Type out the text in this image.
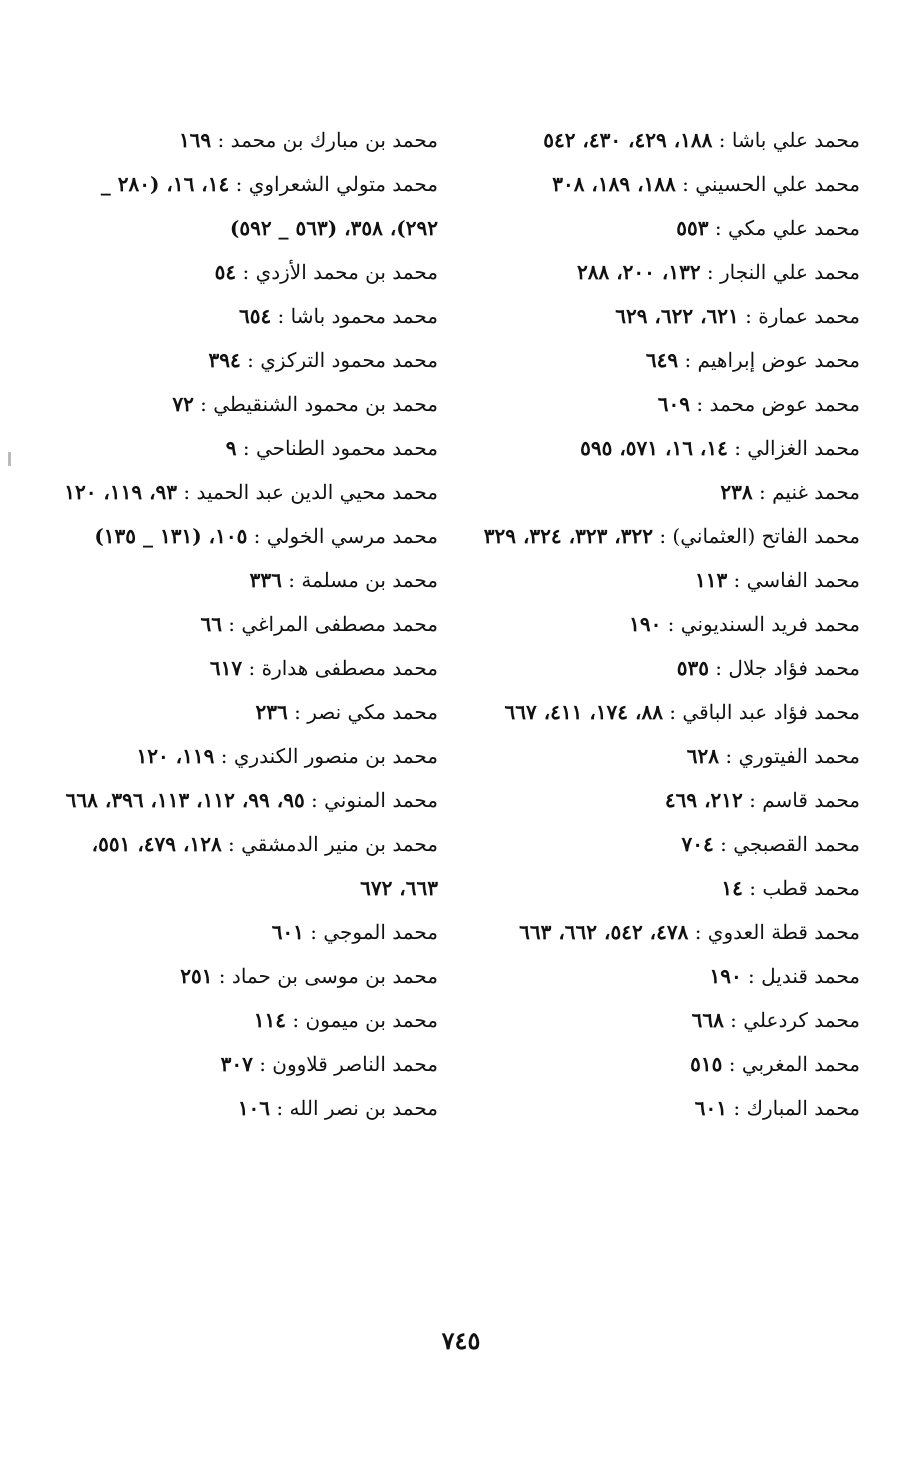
محمد علي باشا : ١٨٨، ٤٢٩، ٤٣٠، ٥٤٢

محمد علي الحسيني : ١٨٨، ١٨٩، ٣٠٨

محمد علي مكي : ٥٥٣

محمد علي النجار : ١٣٢، ٢٠٠، ٢٨٨

محمد عمارة : ٦٢١، ٦٢٢، ٦٢٩

محمد عوض إبراهيم : ٦٤٩

محمد عوض محمد : ٦٠٩

محمد الغزالي : ١٤، ١٦، ٥٧١، ٥٩٥

محمد غنيم : ٢٣٨

محمد الفاتح (العثماني) : ٣٢٢، ٣٢٣، ٣٢٤، ٣٢٩

محمد الفاسي : ١١٣

محمد فريد السنديوني : ١٩٠

محمد فؤاد جلال : ٥٣٥

محمد فؤاد عبد الباقي : ٨٨، ١٧٤، ٤١١، ٦٦٧

محمد الفيتوري : ٦٢٨

محمد قاسم : ٢١٢، ٤٦٩

محمد القصبجي : ٧٠٤

محمد قطب : ١٤

محمد قطة العدوي : ٤٧٨، ٥٤٢، ٦٦٢، ٦٦٣

محمد قنديل : ١٩٠

محمد كردعلي : ٦٦٨

محمد المغربي : ٥١٥

محمد المبارك : ٦٠١

محمد بن مبارك بن محمد : ١٦٩

محمد متولي الشعراوي : ١٤، ١٦، (٢٨٠ _ ٢٩٢)، ٣٥٨، (٥٦٣ _ ٥٩٢)

محمد بن محمد الأزدي : ٥٤

محمد محمود باشا : ٦٥٤

محمد محمود التركزي : ٣٩٤

محمد بن محمود الشنقيطي : ٧٢

محمد محمود الطناحي : ٩

محمد محيي الدين عبد الحميد : ٩٣، ١١٩، ١٢٠

محمد مرسي الخولي : ١٠٥، (١٣١ _ ١٣٥)

محمد بن مسلمة : ٣٣٦

محمد مصطفى المراغي : ٦٦

محمد مصطفى هدارة : ٦١٧

محمد مكي نصر : ٢٣٦

محمد بن منصور الكندري : ١١٩، ١٢٠

محمد المنوني : ٩٥، ٩٩، ١١٢، ١١٣، ٣٩٦، ٦٦٨

محمد بن منير الدمشقي : ١٢٨، ٤٧٩، ٥٥١، ٦٦٣، ٦٧٢

محمد الموجي : ٦٠١

محمد بن موسى بن حماد : ٢٥١

محمد بن ميمون : ١١٤

محمد الناصر قلاوون : ٣٠٧

محمد بن نصر الله : ١٠٦

٧٤٥
